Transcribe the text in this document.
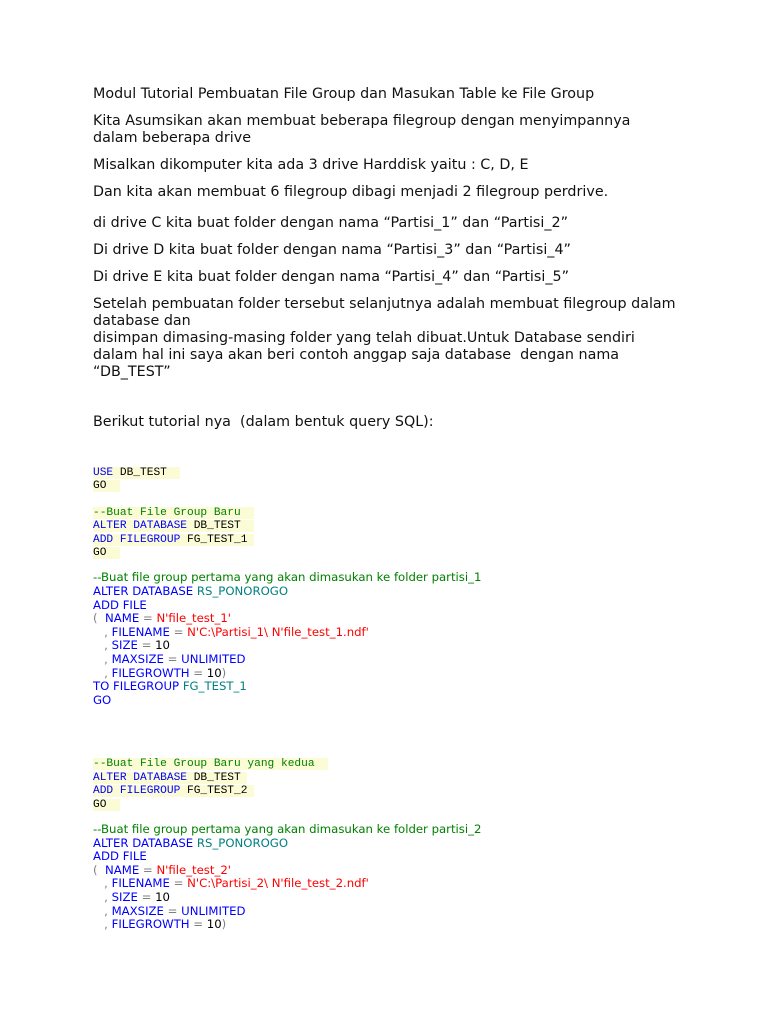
Modul Tutorial Pembuatan File Group dan Masukan Table ke File Group

Kita Asumsikan akan membuat beberapa filegroup dengan menyimpannya

dalam beberapa drive

Misalkan dikomputer kita ada 3 drive Harddisk yaitu : C, D, E

Dan kita akan membuat 6 filegroup dibagi menjadi 2 filegroup perdrive.

di drive C kita buat folder dengan nama “Partisi_1” dan “Partisi_2”

Di drive D kita buat folder dengan nama “Partisi_3” dan “Partisi_4”

Di drive E kita buat folder dengan nama “Partisi_4” dan “Partisi_5”

Setelah pembuatan folder tersebut selanjutnya adalah membuat filegroup dalam

database dan

disimpan dimasing-masing folder yang telah dibuat.Untuk Database sendiri

dalam hal ini saya akan beri contoh anggap saja database  dengan nama

“DB_TEST”

Berikut tutorial nya  (dalam bentuk query SQL):

USE DB_TEST
GO
--Buat File Group Baru
ALTER DATABASE DB_TEST
ADD FILEGROUP FG_TEST_1
GO
--Buat file group pertama yang akan dimasukan ke folder partisi_1
ALTER DATABASE RS_PONOROGO
ADD FILE
(  NAME = N'file_test_1'
, FILENAME = N'C:\Partisi_1\ N'file_test_1.ndf'
, SIZE = 10
, MAXSIZE = UNLIMITED
, FILEGROWTH = 10)
TO FILEGROUP FG_TEST_1
GO
--Buat File Group Baru yang kedua
ALTER DATABASE DB_TEST
ADD FILEGROUP FG_TEST_2
GO
--Buat file group pertama yang akan dimasukan ke folder partisi_2
ALTER DATABASE RS_PONOROGO
ADD FILE
(  NAME = N'file_test_2'
, FILENAME = N'C:\Partisi_2\ N'file_test_2.ndf'
, SIZE = 10
, MAXSIZE = UNLIMITED
, FILEGROWTH = 10)
